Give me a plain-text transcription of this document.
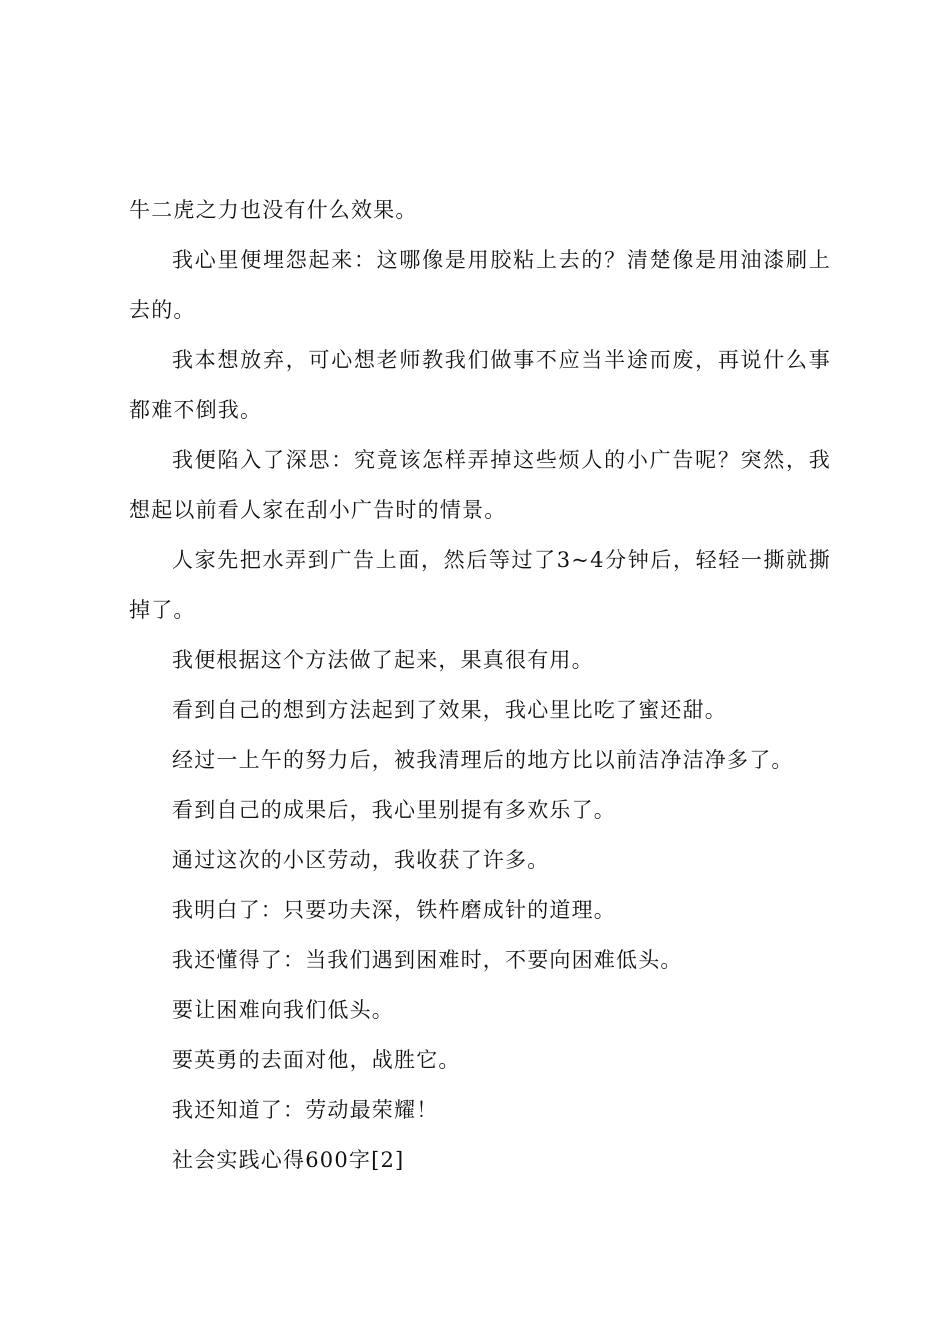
牛二虎之力也没有什么效果。

我心里便埋怨起来：这哪像是用胶粘上去的？清楚像是用油漆刷上去的。

我本想放弃，可心想老师教我们做事不应当半途而废，再说什么事都难不倒我。

我便陷入了深思：究竟该怎样弄掉这些烦人的小广告呢？突然，我想起以前看人家在刮小广告时的情景。

人家先把水弄到广告上面，然后等过了3~4分钟后，轻轻一撕就撕掉了。

我便根据这个方法做了起来，果真很有用。

看到自己的想到方法起到了效果，我心里比吃了蜜还甜。

经过一上午的努力后，被我清理后的地方比以前洁净洁净多了。

看到自己的成果后，我心里别提有多欢乐了。

通过这次的小区劳动，我收获了许多。

我明白了：只要功夫深，铁杵磨成针的道理。

我还懂得了：当我们遇到困难时，不要向困难低头。

要让困难向我们低头。

要英勇的去面对他，战胜它。

我还知道了：劳动最荣耀！

社会实践心得600字[2]
